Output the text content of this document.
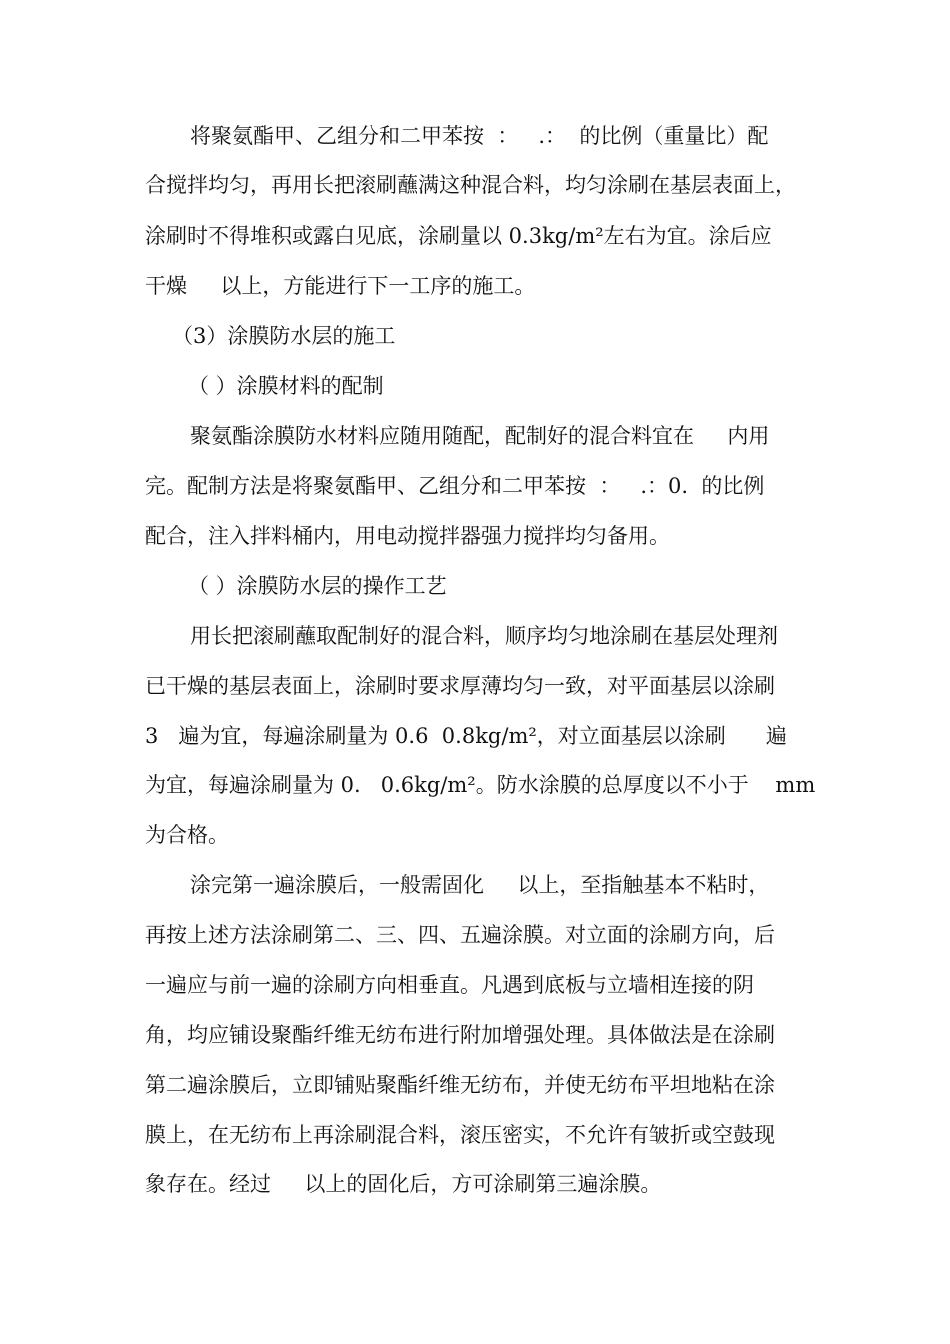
将聚氨酯甲、乙组分和二甲苯按  ：   .：  的比例（重量比）配
合搅拌均匀，再用长把滚刷蘸满这种混合料，均匀涂刷在基层表面上，
涂刷时不得堆积或露白见底，涂刷量以 0.3kg/m²左右为宜。涂后应
干燥     以上，方能进行下一工序的施工。
（3）涂膜防水层的施工
（ ）涂膜材料的配制
聚氨酯涂膜防水材料应随用随配，配制好的混合料宜在     内用
完。配制方法是将聚氨酯甲、乙组分和二甲苯按  ：   .：0.  的比例
配合，注入拌料桶内，用电动搅拌器强力搅拌均匀备用。
（ ）涂膜防水层的操作工艺
用长把滚刷蘸取配制好的混合料，顺序均匀地涂刷在基层处理剂
已干燥的基层表面上，涂刷时要求厚薄均匀一致，对平面基层以涂刷
3   遍为宜，每遍涂刷量为 0.6  0.8kg/m²，对立面基层以涂刷      遍
为宜，每遍涂刷量为 0.   0.6kg/m²。防水涂膜的总厚度以不小于    mm
为合格。
涂完第一遍涂膜后，一般需固化     以上，至指触基本不粘时，
再按上述方法涂刷第二、三、四、五遍涂膜。对立面的涂刷方向，后
一遍应与前一遍的涂刷方向相垂直。凡遇到底板与立墙相连接的阴
角，均应铺设聚酯纤维无纺布进行附加增强处理。具体做法是在涂刷
第二遍涂膜后，立即铺贴聚酯纤维无纺布，并使无纺布平坦地粘在涂
膜上，在无纺布上再涂刷混合料，滚压密实，不允许有皱折或空鼓现
象存在。经过     以上的固化后，方可涂刷第三遍涂膜。
